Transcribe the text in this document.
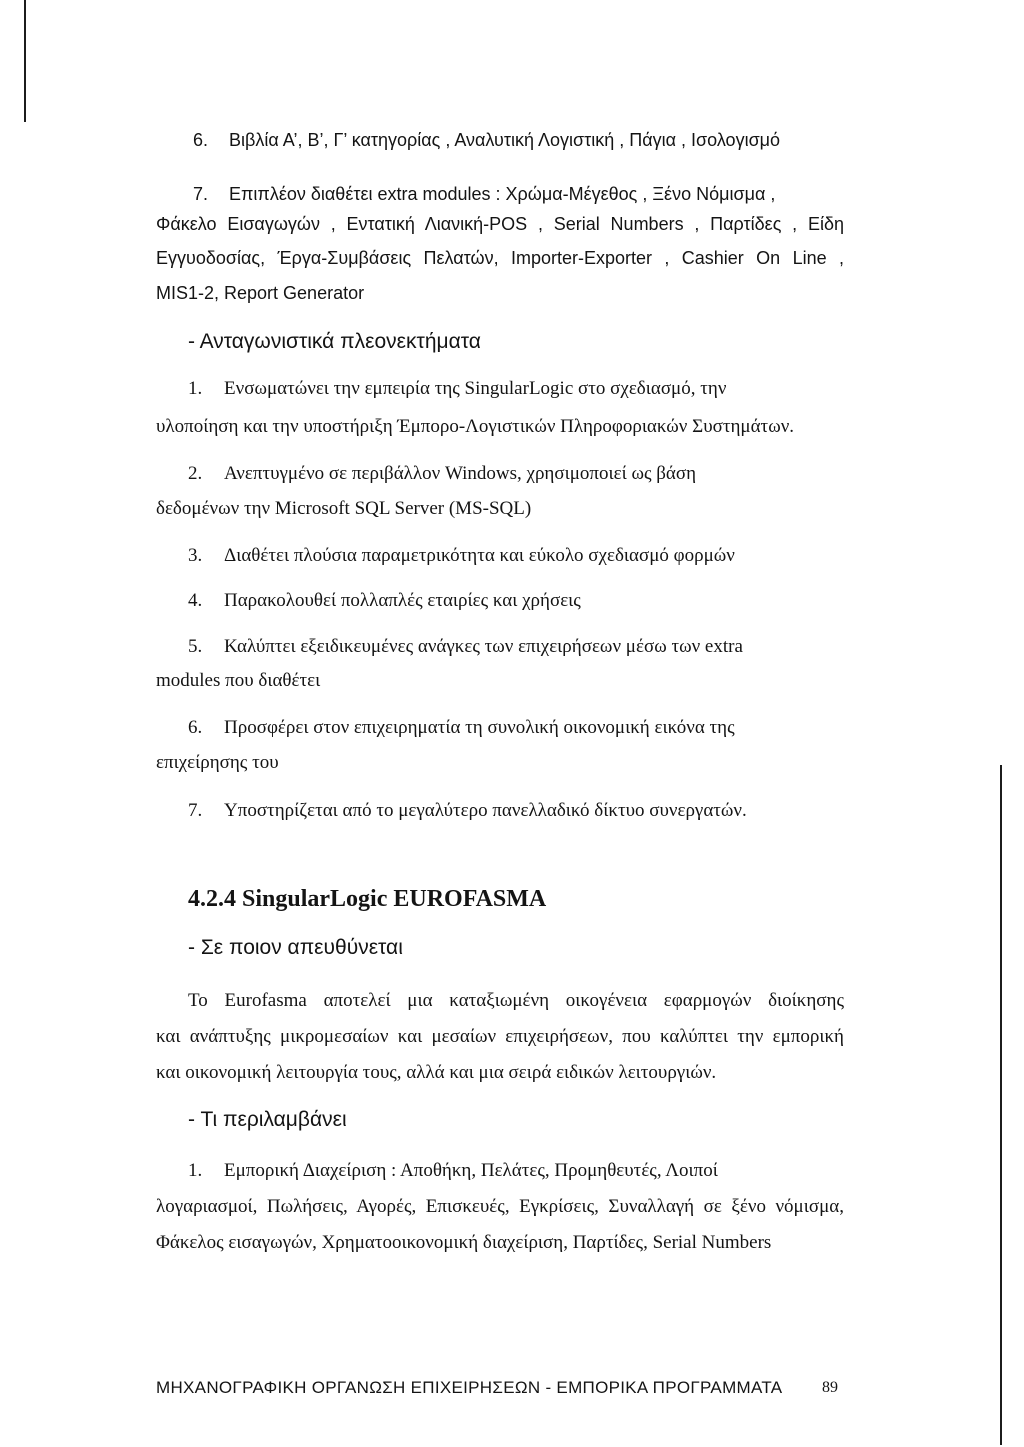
6. Βιβλία Α’, Β’, Γ’ κατηγορίας , Αναλυτική Λογιστική , Πάγια , Ισολογισμό
7. Επιπλέον διαθέτει extra modules : Χρώμα-Μέγεθος , Ξένο Νόμισμα ,
Φάκελο Εισαγωγών , Εντατική Λιανική-POS , Serial Numbers , Παρτίδες , Είδη
Εγγυοδοσίας, Έργα-Συμβάσεις Πελατών, Importer-Exporter , Cashier On Line ,
MIS1-2, Report Generator
- Ανταγωνιστικά πλεονεκτήματα
1. Ενσωματώνει την εμπειρία της SingularLogic στο σχεδιασμό, την
υλοποίηση και την υποστήριξη Έμπορο-Λογιστικών Πληροφοριακών Συστημάτων.
2. Ανεπτυγμένο σε περιβάλλον Windows, χρησιμοποιεί ως βάση
δεδομένων την Microsoft SQL Server (MS-SQL)
3. Διαθέτει πλούσια παραμετρικότητα και εύκολο σχεδιασμό φορμών
4. Παρακολουθεί πολλαπλές εταιρίες και χρήσεις
5. Καλύπτει εξειδικευμένες ανάγκες των επιχειρήσεων μέσω των extra
modules που διαθέτει
6. Προσφέρει στον επιχειρηματία τη συνολική οικονομική εικόνα της
επιχείρησης του
7. Υποστηρίζεται από το μεγαλύτερο πανελλαδικό δίκτυο συνεργατών.
4.2.4 SingularLogic EUROFASMA
- Σε ποιον απευθύνεται
Το Eurofasma αποτελεί μια καταξιωμένη οικογένεια εφαρμογών διοίκησης
και ανάπτυξης μικρομεσαίων και μεσαίων επιχειρήσεων, που καλύπτει την εμπορική
και οικονομική λειτουργία τους, αλλά και μια σειρά ειδικών λειτουργιών.
- Τι περιλαμβάνει
1. Εμπορική Διαχείριση : Αποθήκη, Πελάτες, Προμηθευτές, Λοιποί
λογαριασμοί, Πωλήσεις, Αγορές, Επισκευές, Εγκρίσεις, Συναλλαγή σε ξένο νόμισμα,
Φάκελος εισαγωγών, Χρηματοοικονομική διαχείριση, Παρτίδες, Serial Numbers
ΜΗΧΑΝΟΓΡΑΦΙΚΗ ΟΡΓΑΝΩΣΗ ΕΠΙΧΕΙΡΗΣΕΩΝ - ΕΜΠΟΡΙΚΑ ΠΡΟΓΡΑΜΜΑΤΑ 89
